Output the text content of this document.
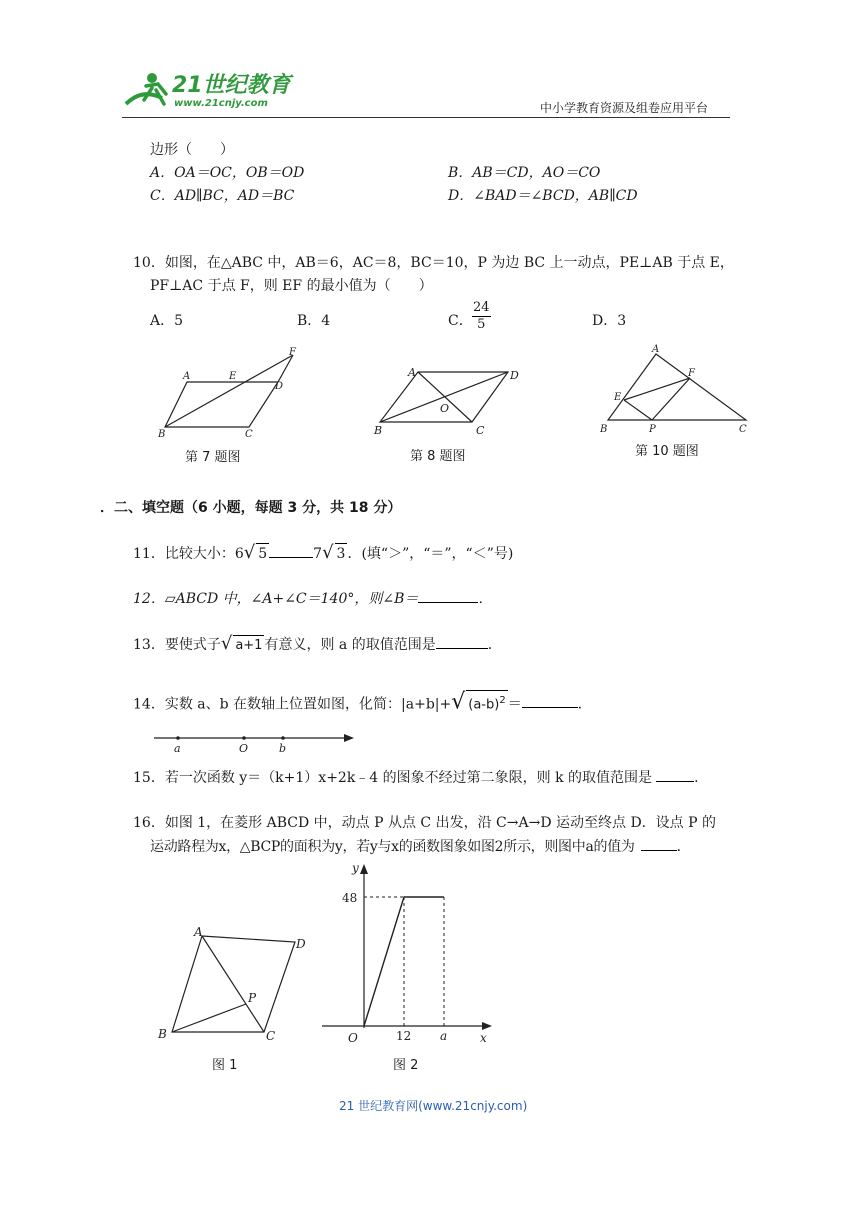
21世纪教育
www.21cnjy.com	中小学教育资源及组卷应用平台
边形（　　）
A．OA＝OC，OB＝OD	B．AB＝CD，AO＝CO
C．AD∥BC，AD＝BC	D．∠BAD＝∠BCD，AB∥CD
10．如图，在△ABC 中，AB＝6，AC＝8，BC＝10，P 为边 BC 上一动点，PE⊥AB 于点 E，
PF⊥AC 于点 F，则 EF 的最小值为（　　）
A．5	B．4	C． $\frac{24}{5}$	D．3
A	E
D
F
B	C
第 7 题图
A	D
O
B	C
第 8 题图
A
E
F
B	P	C
第 10 题图
．二、填空题（6 小题，每题 3 分，共 18 分）
11．比较大小：6√ 5	7√ 3 ．(填“＞”，“＝”，“＜”号)
12．▱ABCD 中，∠A+∠C＝140°，则∠B＝	．
13．要使式子√ a+1 有意义，则 a 的取值范围是	．
14．实数 a、b 在数轴上位置如图，化简：|a+b|+√ $(a-b)^2$ ＝	．
a	O	b
15．若一次函数 y＝（k+1）x+2k﹣4 的图象不经过第二象限，则 k 的取值范围是	．
16．如图 1，在菱形 ABCD 中，动点 P 从点 C 出发，沿 C→A→D 运动至终点 D．设点 P 的
运动路程为x，△BCP的面积为y，若y与x的函数图象如图2所示，则图中a的值为	．
A
D
P
B	C
图 1
y
48
O	12 a	x
图 2
21 世纪教育网(www.21cnjy.com)
